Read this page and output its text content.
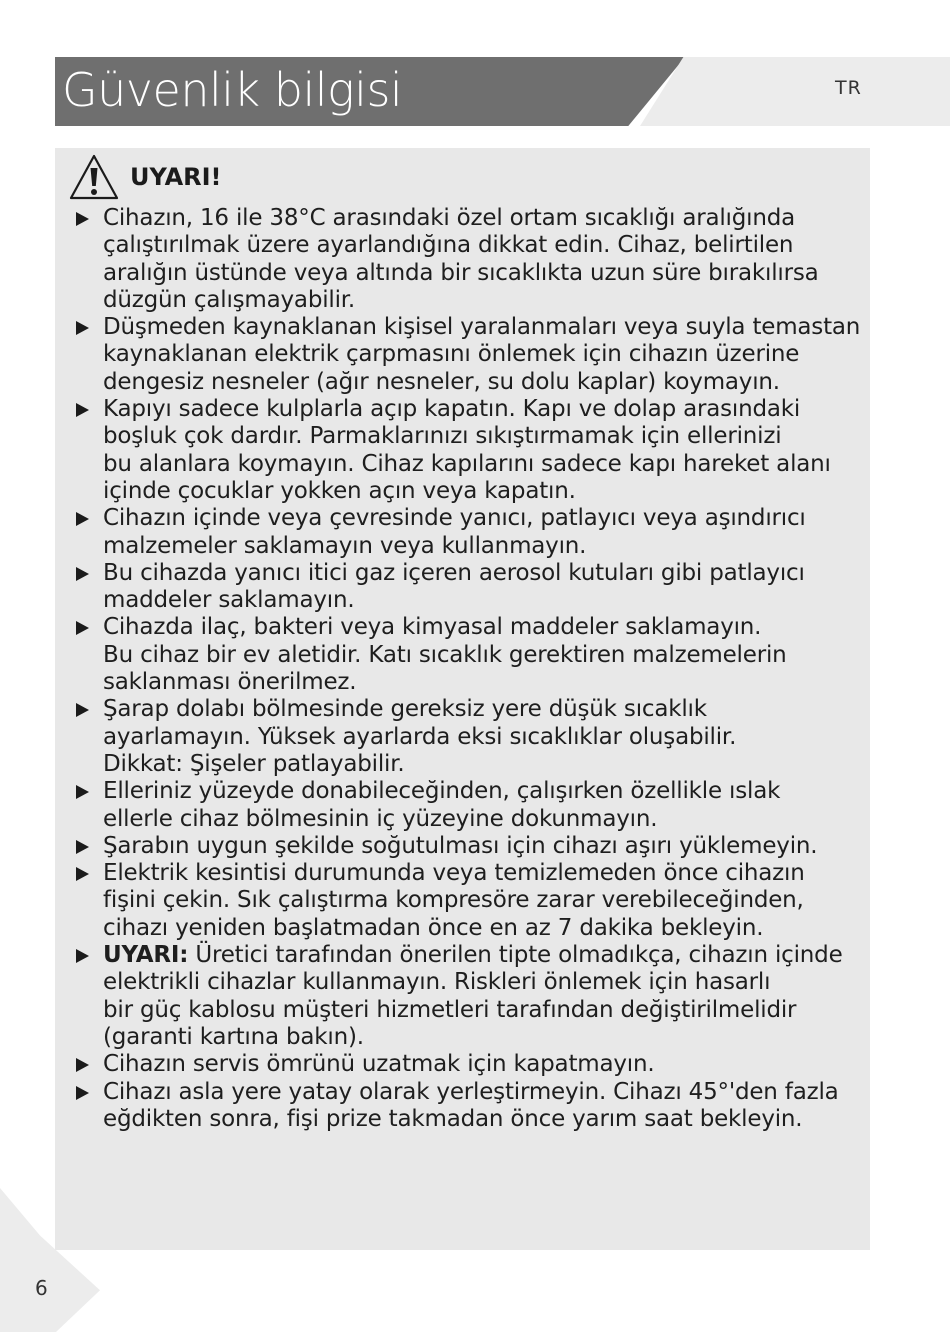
Güvenlik bilgisi	TR
UYARI!
Cihazın, 16 ile 38°C arasındaki özel ortam sıcaklığı aralığında
çalıştırılmak üzere ayarlandığına dikkat edin. Cihaz, belirtilen
aralığın üstünde veya altında bir sıcaklıkta uzun süre bırakılırsa
düzgün çalışmayabilir.
Düşmeden kaynaklanan kişisel yaralanmaları veya suyla temastan
kaynaklanan elektrik çarpmasını önlemek için cihazın üzerine
dengesiz nesneler (ağır nesneler, su dolu kaplar) koymayın.
Kapıyı sadece kulplarla açıp kapatın. Kapı ve dolap arasındaki
boşluk çok dardır. Parmaklarınızı sıkıştırmamak için ellerinizi
bu alanlara koymayın. Cihaz kapılarını sadece kapı hareket alanı
içinde çocuklar yokken açın veya kapatın.
Cihazın içinde veya çevresinde yanıcı, patlayıcı veya aşındırıcı
malzemeler saklamayın veya kullanmayın.
Bu cihazda yanıcı itici gaz içeren aerosol kutuları gibi patlayıcı
maddeler saklamayın.
Cihazda ilaç, bakteri veya kimyasal maddeler saklamayın.
Bu cihaz bir ev aletidir. Katı sıcaklık gerektiren malzemelerin
saklanması önerilmez.
Şarap dolabı bölmesinde gereksiz yere düşük sıcaklık
ayarlamayın. Yüksek ayarlarda eksi sıcaklıklar oluşabilir.
Dikkat: Şişeler patlayabilir.
Elleriniz yüzeyde donabileceğinden, çalışırken özellikle ıslak
ellerle cihaz bölmesinin iç yüzeyine dokunmayın.
Şarabın uygun şekilde soğutulması için cihazı aşırı yüklemeyin.
Elektrik kesintisi durumunda veya temizlemeden önce cihazın
fişini çekin. Sık çalıştırma kompresöre zarar verebileceğinden,
cihazı yeniden başlatmadan önce en az 7 dakika bekleyin.
UYARI: Üretici tarafından önerilen tipte olmadıkça, cihazın içinde
elektrikli cihazlar kullanmayın. Riskleri önlemek için hasarlı
bir güç kablosu müşteri hizmetleri tarafından değiştirilmelidir
(garanti kartına bakın).
Cihazın servis ömrünü uzatmak için kapatmayın.
Cihazı asla yere yatay olarak yerleştirmeyin. Cihazı 45°'den fazla
eğdikten sonra, fişi prize takmadan önce yarım saat bekleyin.
6
